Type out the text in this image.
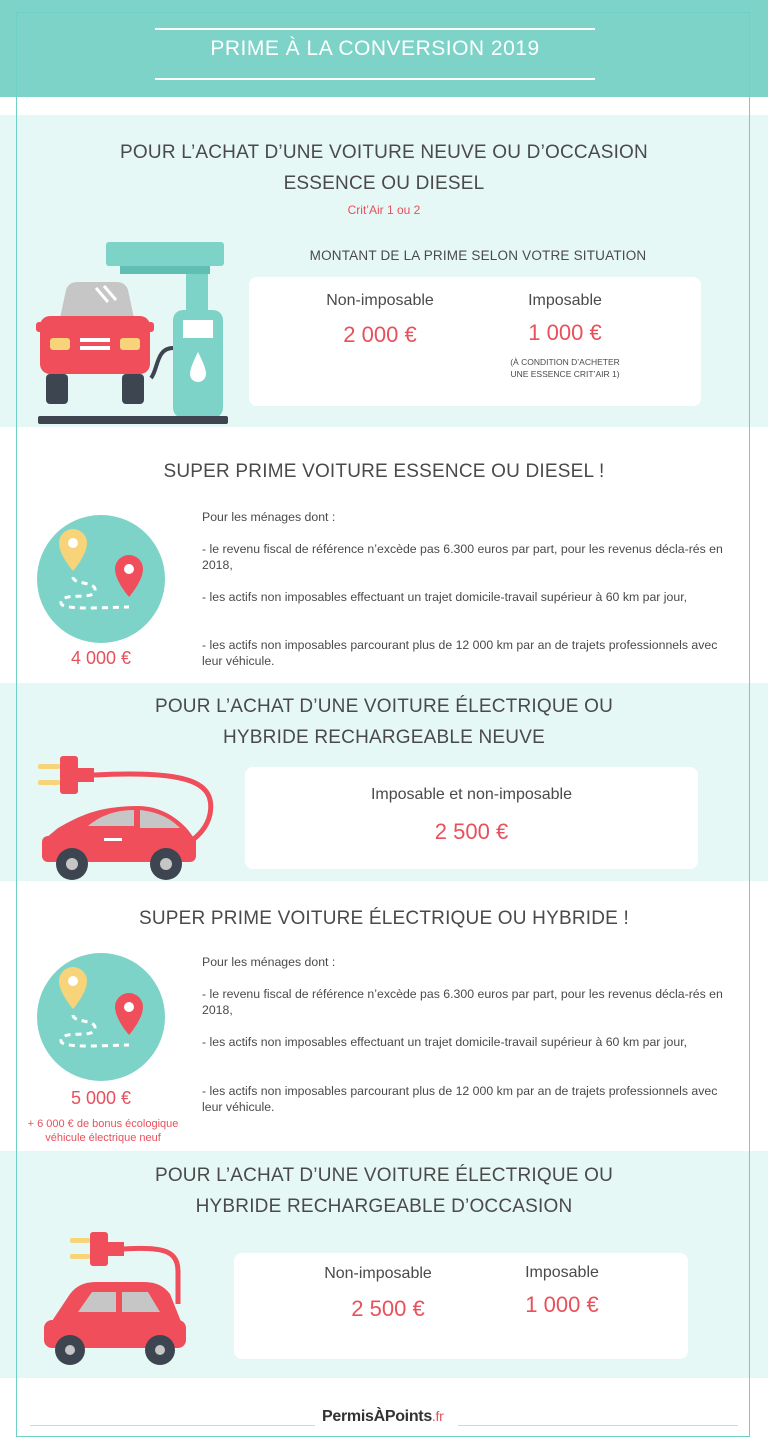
PRIME À LA CONVERSION 2019
POUR L’ACHAT D’UNE VOITURE NEUVE OU D’OCCASION
ESSENCE OU DIESEL
Crit’Air 1 ou 2
MONTANT DE LA PRIME SELON VOTRE SITUATION
Non-imposable
2 000 €
Imposable
1 000 €
(À CONDITION D’ACHETER
UNE ESSENCE CRIT’AIR 1)
SUPER PRIME VOITURE ESSENCE OU DIESEL !
4 000 €
Pour les ménages dont :
- le revenu fiscal de référence n’excède pas 6.300 euros par part, pour les revenus décla-rés en 2018,
- les actifs non imposables effectuant un trajet domicile-travail supérieur à 60 km par jour,
- les actifs non imposables parcourant plus de 12 000 km par an de trajets professionnels avec leur véhicule.
POUR L’ACHAT D’UNE VOITURE ÉLECTRIQUE OU
HYBRIDE RECHARGEABLE NEUVE
Imposable et non-imposable
2 500 €
SUPER PRIME VOITURE ÉLECTRIQUE OU HYBRIDE !
5 000 €
+ 6 000 € de bonus écologique
véhicule électrique neuf
Pour les ménages dont :
- le revenu fiscal de référence n’excède pas 6.300 euros par part, pour les revenus décla-rés en 2018,
- les actifs non imposables effectuant un trajet domicile-travail supérieur à 60 km par jour,
- les actifs non imposables parcourant plus de 12 000 km par an de trajets professionnels avec leur véhicule.
POUR L’ACHAT D’UNE VOITURE ÉLECTRIQUE OU
HYBRIDE RECHARGEABLE D’OCCASION
Non-imposable
2 500 €
Imposable
1 000 €
PermisÀPoints.fr
